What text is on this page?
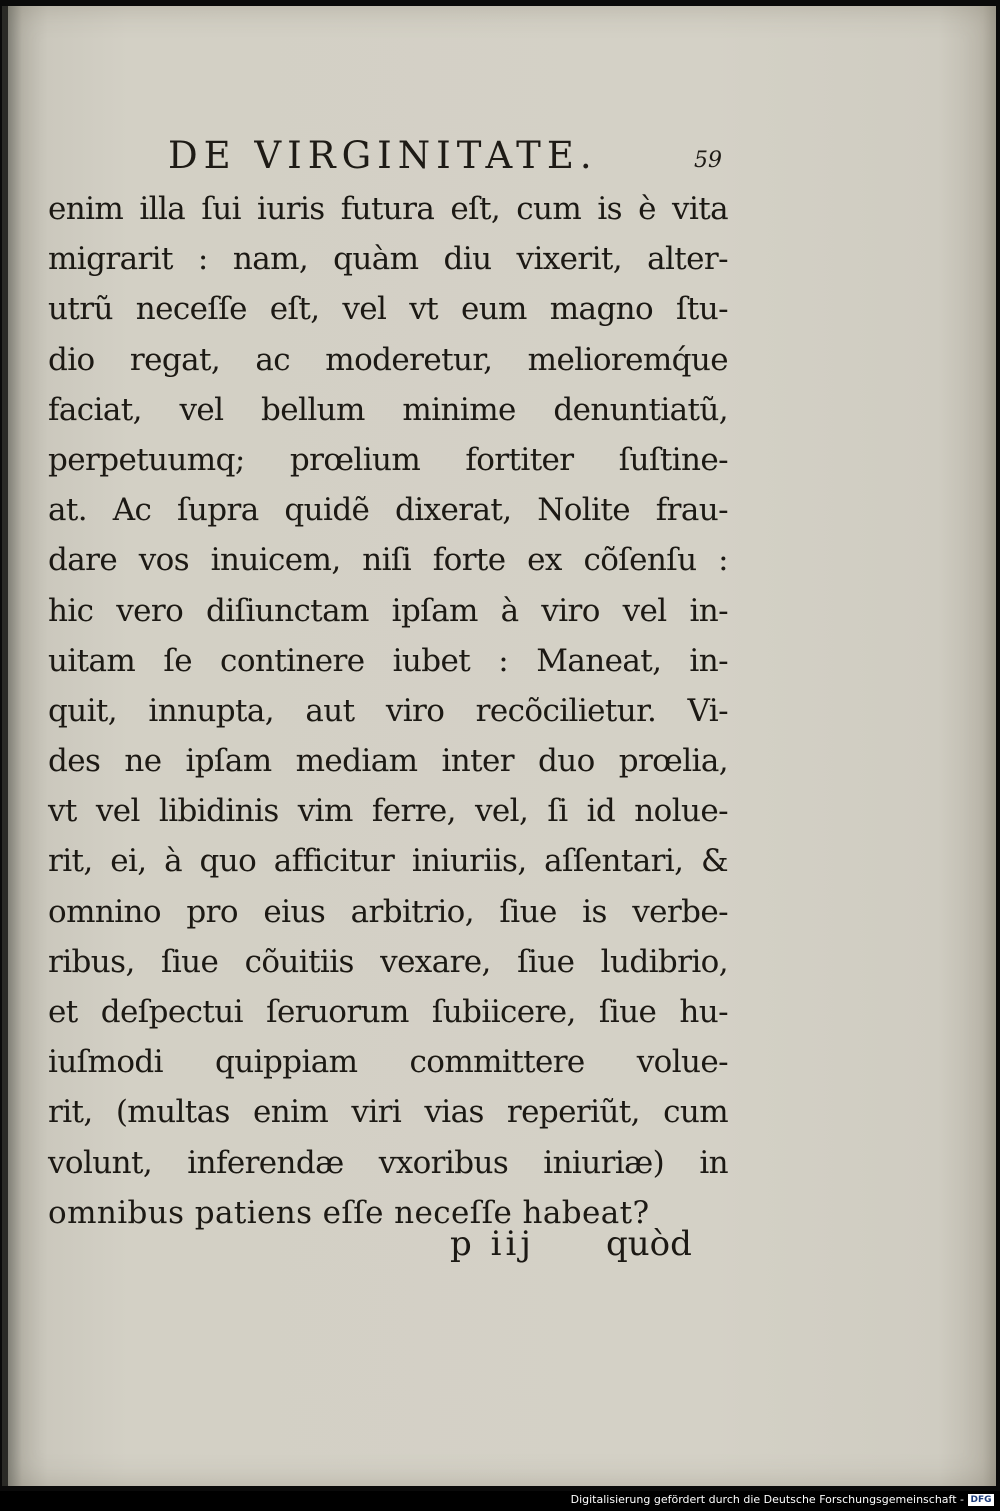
DE VIRGINITATE.	59
enim illa ſui iuris futura eſt, cum is è vita
migrarit : nam, quàm diu vixerit, alter-
utrũ neceſſe eſt, vel vt eum magno ſtu-
dio regat, ac moderetur, melioremq́ue
faciat, vel bellum minime denuntiatũ,
perpetuumq; prœlium fortiter ſuſtine-
at. Ac ſupra quidẽ dixerat, Nolite frau-
dare vos inuicem, niſi forte ex cõſenſu :
hic vero diſiunctam ipſam à viro vel in-
uitam ſe continere iubet : Maneat, in-
quit, innupta, aut viro recõcilietur. Vi-
des ne ipſam mediam inter duo prœlia,
vt vel libidinis vim ferre, vel, ſi id nolue-
rit, ei, à quo afficitur iniuriis, aſſentari, &
omnino pro eius arbitrio, ſiue is verbe-
ribus, ſiue cõuitiis vexare, ſiue ludibrio,
et deſpectui ſeruorum ſubiicere, ſiue hu-
iuſmodi quippiam committere volue-
rit, (multas enim viri vias reperiũt, cum
volunt, inferendæ vxoribus iniuriæ) in
omnibus patiens eſſe neceſſe habeat?
p iij quòd
Digitalisierung gefördert durch die Deutsche Forschungsgemeinschaft - DFG
